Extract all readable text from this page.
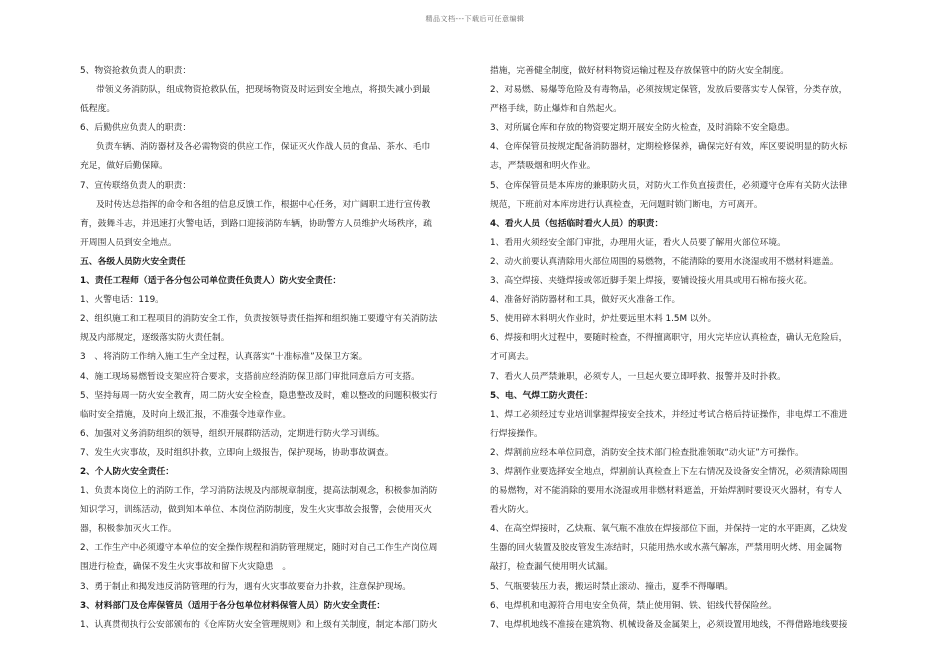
精品文档---下载后可任意编辑

5、物资抢救负责人的职责：

带领义务消防队，组成物资抢救队伍，把现场物资及时运到安全地点，将损失减小到最

低程度。

6、后勤供应负责人的职责：

负责车辆、消防器材及各必需物资的供应工作，保证灭火作战人员的食品、茶水、毛巾

充足，做好后勤保障。

7、宣传联络负责人的职责：

及时传达总指挥的命令和各组的信息反馈工作，根据中心任务，对广阔职工进行宣传教

育，鼓舞斗志，并迅速打火警电话，到路口迎接消防车辆，协助警方人员维护火场秩序，疏

开周围人员到安全地点。

五、各级人员防火安全责任

1、责任工程师（适于各分包公司单位责任负责人）防火安全责任：

1、火警电话：119。

2、组织施工和工程项目的消防安全工作，负责按领导责任指挥和组织施工要遵守有关消防法

规及内部规定，逐级落实防火责任制。

3　、将消防工作纳入施工生产全过程，认真落实“十准标准”及保卫方案。

4、施工现场易燃暂设支架应符合要求，支搭前应经消防保卫部门审批同意后方可支搭。

5、坚持每周一防火安全教育，周二防火安全检查，隐患整改及时，难以整改的问题积极实行

临时安全措施，及时向上级汇报，不准强令违章作业。

6、加强对义务消防组织的领导，组织开展群防活动，定期进行防火学习训练。

7、发生火灾事故，及时组织扑救，立即向上级报告，保护现场，协助事故调查。

2、个人防火安全责任：

1、负责本岗位上的消防工作，学习消防法规及内部规章制度，提高法制观念，积极参加消防

知识学习，训练活动，做到知本单位、本岗位消防制度，发生火灾事故会报警，会使用灭火

器，积极参加灭火工作。

2、工作生产中必须遵守本单位的安全操作规程和消防管理规定，随时对自己工作生产岗位周

围进行检查，确保不发生火灾事故和留下火灾隐患　。

3、勇于制止和揭发违反消防管理的行为，遇有火灾事故要奋力扑救，注意保护现场。

3、材料部门及仓库保管员（适用于各分包单位材料保管人员）防火安全责任：

1、认真贯彻执行公安部颁布的《仓库防火安全管理规则》和上级有关制度，制定本部门防火

措施，完善健全制度，做好材料物资运输过程及存放保管中的防火安全制度。

2、对易燃、易爆等危险及有毒物品，必须按规定保管，发放后要落实专人保管，分类存放，

严格手续，防止爆炸和自然起火。

3、对所属仓库和存放的物资要定期开展安全防火检查，及时消除不安全隐患。

4、仓库保管员按规定配备消防器材，定期检修保养，确保完好有效，库区要说明显的防火标

志，严禁吸烟和明火作业。

5、仓库保管员是本库房的兼职防火员，对防火工作负直接责任，必须遵守仓库有关防火法律

规范，下班前对本库房进行认真检查，无问题时锁门断电，方可离开。

4、看火人员（包括临时看火人员）的职责：

1、看用火须经安全部门审批，办理用火证，看火人员要了解用火部位环境。

2、动火前要认真清除用火部位周围的易燃物，不能清除的要用水浇湿或用不燃材料遮盖。

3、高空焊接、夹缝焊接或邻近脚手架上焊接，要铺设接火用具或用石棉布接火花。

4、准备好消防器材和工具，做好灭火准备工作。

5、使用碎木料明火作业时，炉灶要远里木料 1.5M 以外。

6、焊接和明火过程中，要随时检查，不得擅离职守，用火完毕应认真检查，确认无危险后，

才可离去。

7、看火人员严禁兼职，必须专人，一旦起火要立即呼救、报警并及时扑救。

5、电、气焊工防火责任：

1、焊工必须经过专业培训掌握焊接安全技术，并经过考试合格后持证操作，非电焊工不准进

行焊接操作。

2、焊割前应经本单位同意，消防安全技术部门检查批准领取“动火证”方可操作。

3、焊割作业要选择安全地点，焊割前认真检查上下左右情况及设备安全情况，必须清除周围

的易燃物，对不能消除的要用水浇湿或用非燃材料遮盖，开始焊割时要设灭火器材，有专人

看火防火。

4、在高空焊接时，乙炔瓶、氧气瓶不准放在焊接部位下面，并保持一定的水平距离，乙炔发

生器的回火装置及胶皮管发生冻结时，只能用热水或水蒸气解冻，严禁用明火烤、用金属物

敲打，检查漏气使用明火试漏。

5、气瓶要装压力表，搬运时禁止滚动、撞击，夏季不得曝晒。

6、电焊机和电源符合用电安全负荷，禁止使用铜、铁、铝线代替保险丝。

7、电焊机地线不准接在建筑物、机械设备及金属架上，必须设置用地线，不得借路地线要接
